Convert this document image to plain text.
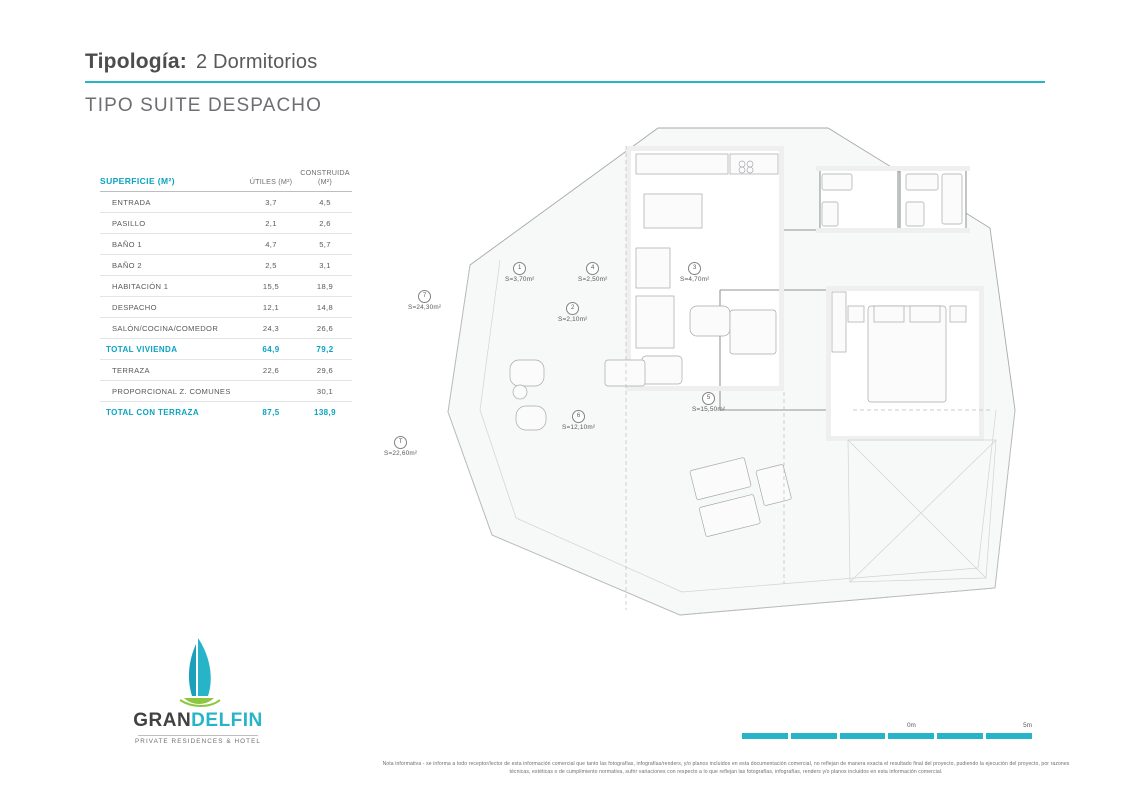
Tipología: 2 Dormitorios
TIPO SUITE DESPACHO
SUPERFICIE (M²)	ÚTILES (M²)	CONSTRUIDA (M²)
ENTRADA	3,7	4,5
PASILLO	2,1	2,6
BAÑO 1	4,7	5,7
BAÑO 2	2,5	3,1
HABITACIÓN 1	15,5	18,9
DESPACHO	12,1	14,8
SALÓN/COCINA/COMEDOR	24,3	26,6
TOTAL VIVIENDA	64,9	79,2
TERRAZA	22,6	29,6
PROPORCIONAL Z. COMUNES		30,1
TOTAL CON TERRAZA	87,5	138,9
1
S=3,70m²
4
S=2,50m²
3
S=4,70m²
2
S=2,10m²
7
S=24,30m²
5
S=15,50m²
6
S=12,10m²
T
S=22,60m²
GRANDELFIN
PRIVATE RESIDENCES & HOTEL
0m	5m
Nota informativa - se informa a todo receptor/lector de esta información comercial que tanto las fotografías, infografías/renders, y/o planos incluidos en esta documentación comercial, no reflejan de manera exacta el resultado final del proyecto, pudiendo la ejecución del proyecto, por razones técnicas, estéticas o de cumplimiento normativa, sufrir variaciones con respecto a lo que reflejan las fotografías, infografías, renders y/o planos incluidos en esta información comercial.
